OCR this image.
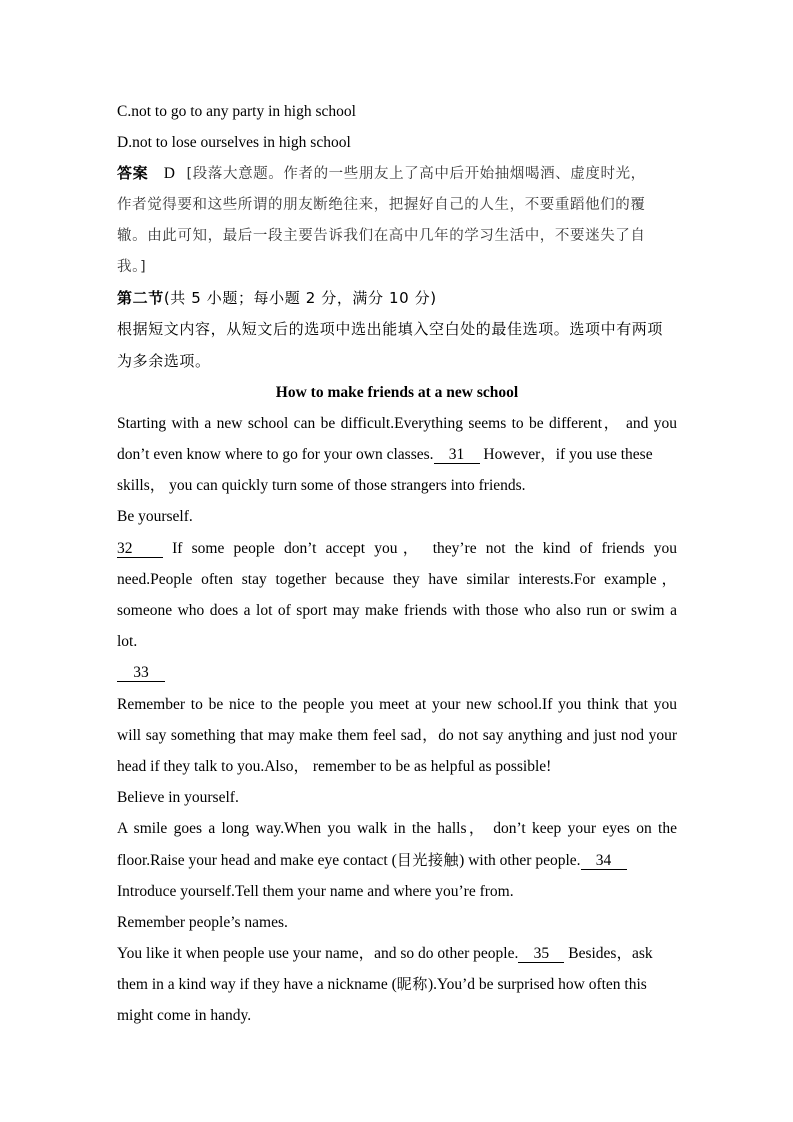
C.not to go to any party in high school
D.not to lose ourselves in high school
答案 D [段落大意题。作者的一些朋友上了高中后开始抽烟喝酒、虚度时光，
作者觉得要和这些所谓的朋友断绝往来，把握好自己的人生，不要重蹈他们的覆
辙。由此可知，最后一段主要告诉我们在高中几年的学习生活中，不要迷失了自
我。]
第二节(共 5 小题；每小题 2 分，满分 10 分)
根据短文内容，从短文后的选项中选出能填入空白处的最佳选项。选项中有两项
为多余选项。
How to make friends at a new school
Starting with a new school can be difficult.Everything seems to be different， and you
don’t even know where to go for your own classes. 31 However，if you use these
skills， you can quickly turn some of those strangers into friends.
Be yourself.
32 If some people don’t accept you， they’re not the kind of friends you
need.People often stay together because they have similar interests.For example，
someone who does a lot of sport may make friends with those who also run or swim a
lot.
33
Remember to be nice to the people you meet at your new school.If you think that you
will say something that may make them feel sad，do not say anything and just nod your
head if they talk to you.Also， remember to be as helpful as possible!
Believe in yourself.
A smile goes a long way.When you walk in the halls， don’t keep your eyes on the
floor.Raise your head and make eye contact (目光接触) with other people. 34
Introduce yourself.Tell them your name and where you’re from.
Remember people’s names.
You like it when people use your name，and so do other people. 35 Besides，ask
them in a kind way if they have a nickname (昵称).You’d be surprised how often this
might come in handy.
